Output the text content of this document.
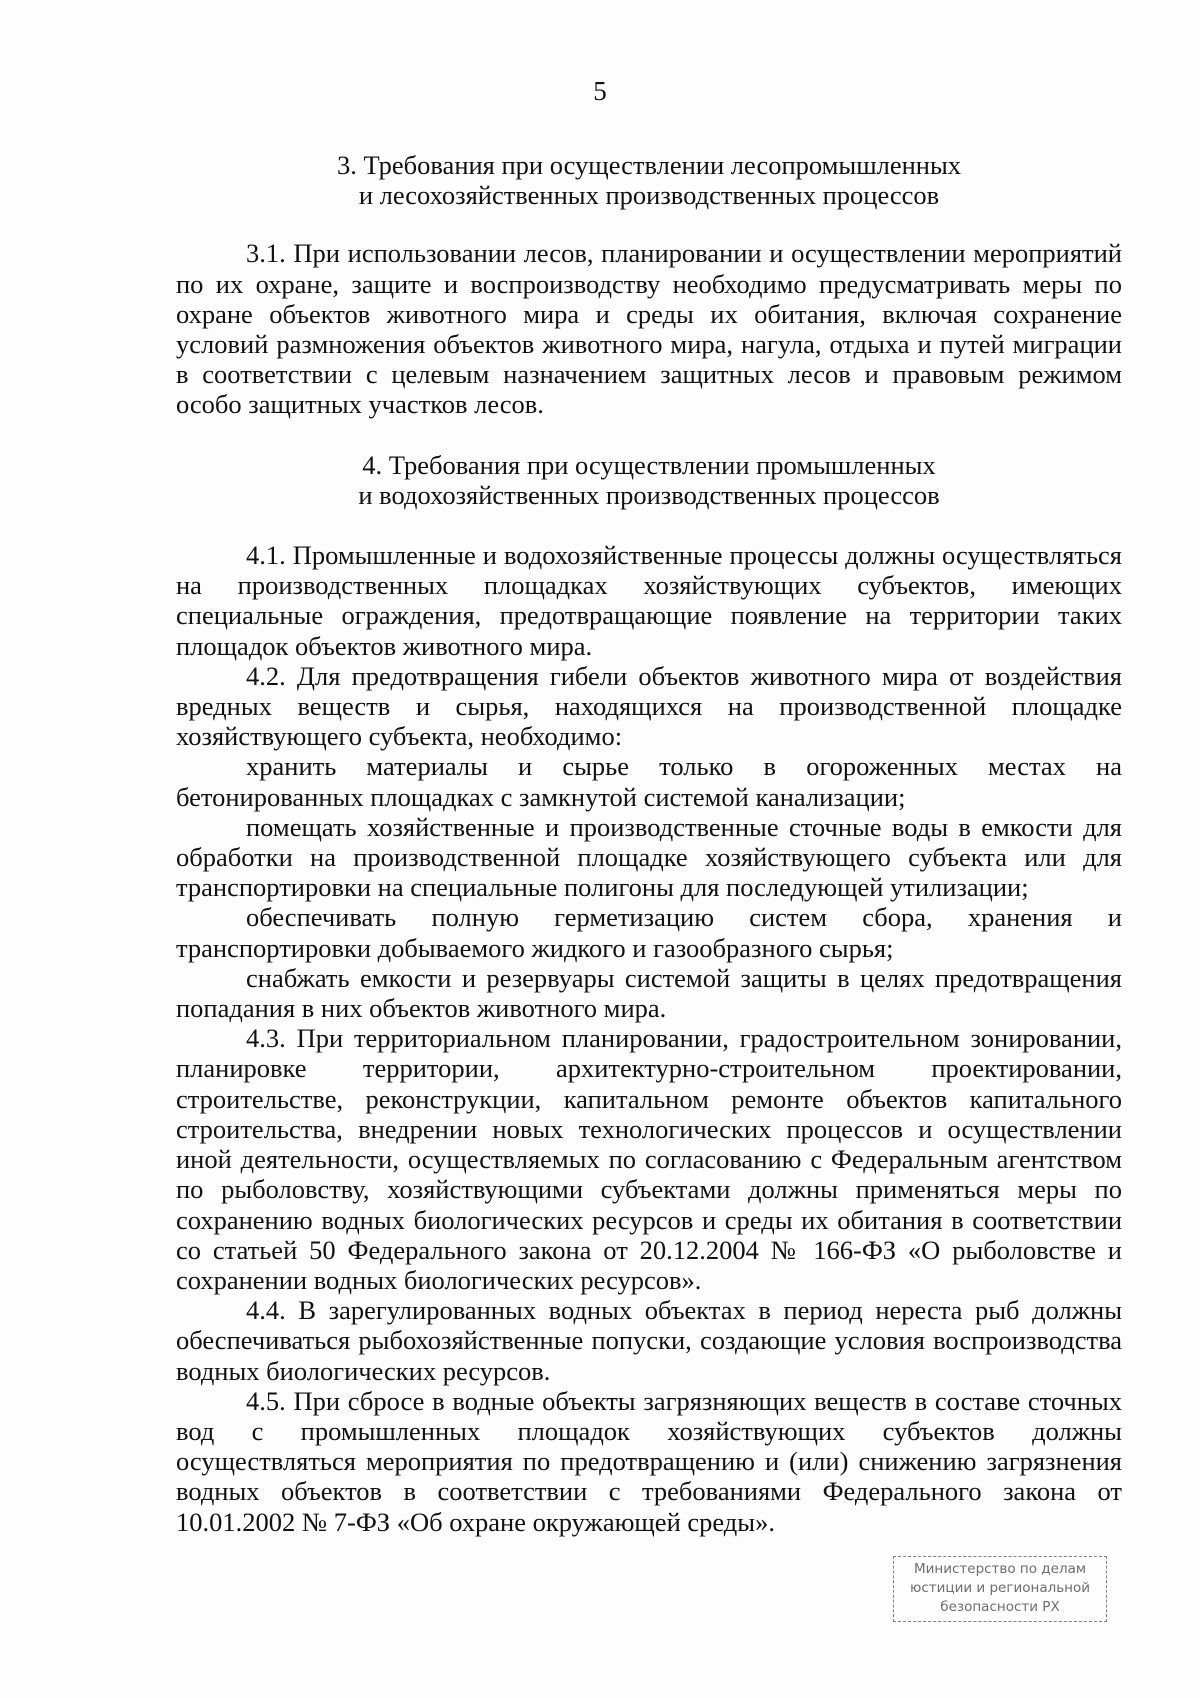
5
3. Требования при осуществлении лесопромышленных
и лесохозяйственных производственных процессов

3.1. При использовании лесов, планировании и осуществлении мероприятий по их охране, защите и воспроизводству необходимо предусматривать меры по охране объектов животного мира и среды их обитания, включая сохранение условий размножения объектов животного мира, нагула, отдыха и путей миграции в соответствии с целевым назначением защитных лесов и правовым режимом особо защитных участков лесов.

4. Требования при осуществлении промышленных
и водохозяйственных производственных процессов

4.1. Промышленные и водохозяйственные процессы должны осуществляться на производственных площадках хозяйствующих субъектов, имеющих специальные ограждения, предотвращающие появление на территории таких площадок объектов животного мира.

4.2. Для предотвращения гибели объектов животного мира от воздействия вредных веществ и сырья, находящихся на производственной площадке хозяйствующего субъекта, необходимо:

хранить материалы и сырье только в огороженных местах на бетонированных площадках с замкнутой системой канализации;

помещать хозяйственные и производственные сточные воды в емкости для обработки на производственной площадке хозяйствующего субъекта или для транспортировки на специальные полигоны для последующей утилизации;

обеспечивать полную герметизацию систем сбора, хранения и транспортировки добываемого жидкого и газообразного сырья;

снабжать емкости и резервуары системой защиты в целях предотвращения попадания в них объектов животного мира.

4.3. При территориальном планировании, градостроительном зонировании, планировке территории, архитектурно-строительном проектировании, строительстве, реконструкции, капитальном ремонте объектов капитального строительства, внедрении новых технологических процессов и осуществлении иной деятельности, осуществляемых по согласованию с Федеральным агентством по рыболовству, хозяйствующими субъектами должны применяться меры по сохранению водных биологических ресурсов и среды их обитания в соответствии со статьей 50 Федерального закона от 20.12.2004 № 166-ФЗ «О рыболовстве и сохранении водных биологических ресурсов».

4.4. В зарегулированных водных объектах в период нереста рыб должны обеспечиваться рыбохозяйственные попуски, создающие условия воспроизводства водных биологических ресурсов.

4.5. При сбросе в водные объекты загрязняющих веществ в составе сточных вод с промышленных площадок хозяйствующих субъектов должны осуществляться мероприятия по предотвращению и (или) снижению загрязнения водных объектов в соответствии с требованиями Федерального закона от 10.01.2002 № 7-ФЗ «Об охране окружающей среды».

Министерство по делам
юстиции и региональной
безопасности РХ
